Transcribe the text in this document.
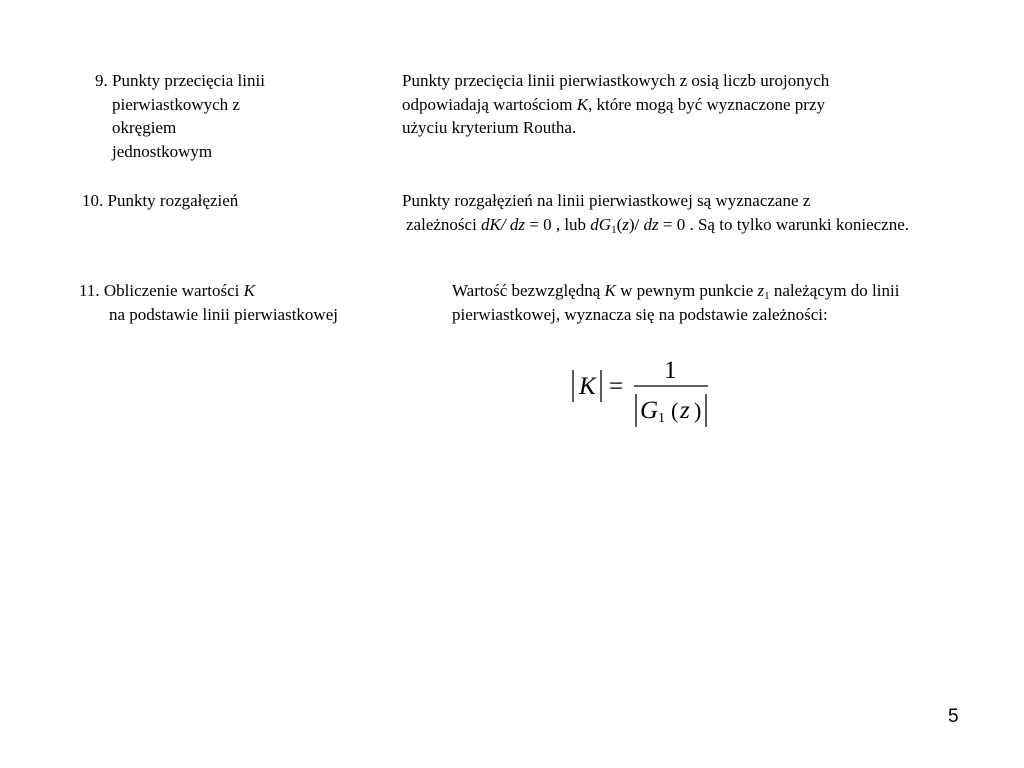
9. Punkty przecięcia linii
pierwiastkowych z
okręgiem
jednostkowym
Punkty przecięcia linii pierwiastkowych z osią liczb urojonych
odpowiadają wartościom K, które mogą być wyznaczone przy
użyciu kryterium Routha.
10. Punkty rozgałęzień	Punkty rozgałęzień na linii pierwiastkowej są wyznaczane z
zależności dK/ dz = 0 , lub $dG_1(z)/$ dz = 0 . Są to tylko warunki konieczne.
11. Obliczenie wartości K
na podstawie linii pierwiastkowej
Wartość bezwzględną K w pewnym punkcie $z_1$ należącym do linii
pierwiastkowej, wyznacza się na podstawie zależności:
K =
1
G 1 ( z )
5
